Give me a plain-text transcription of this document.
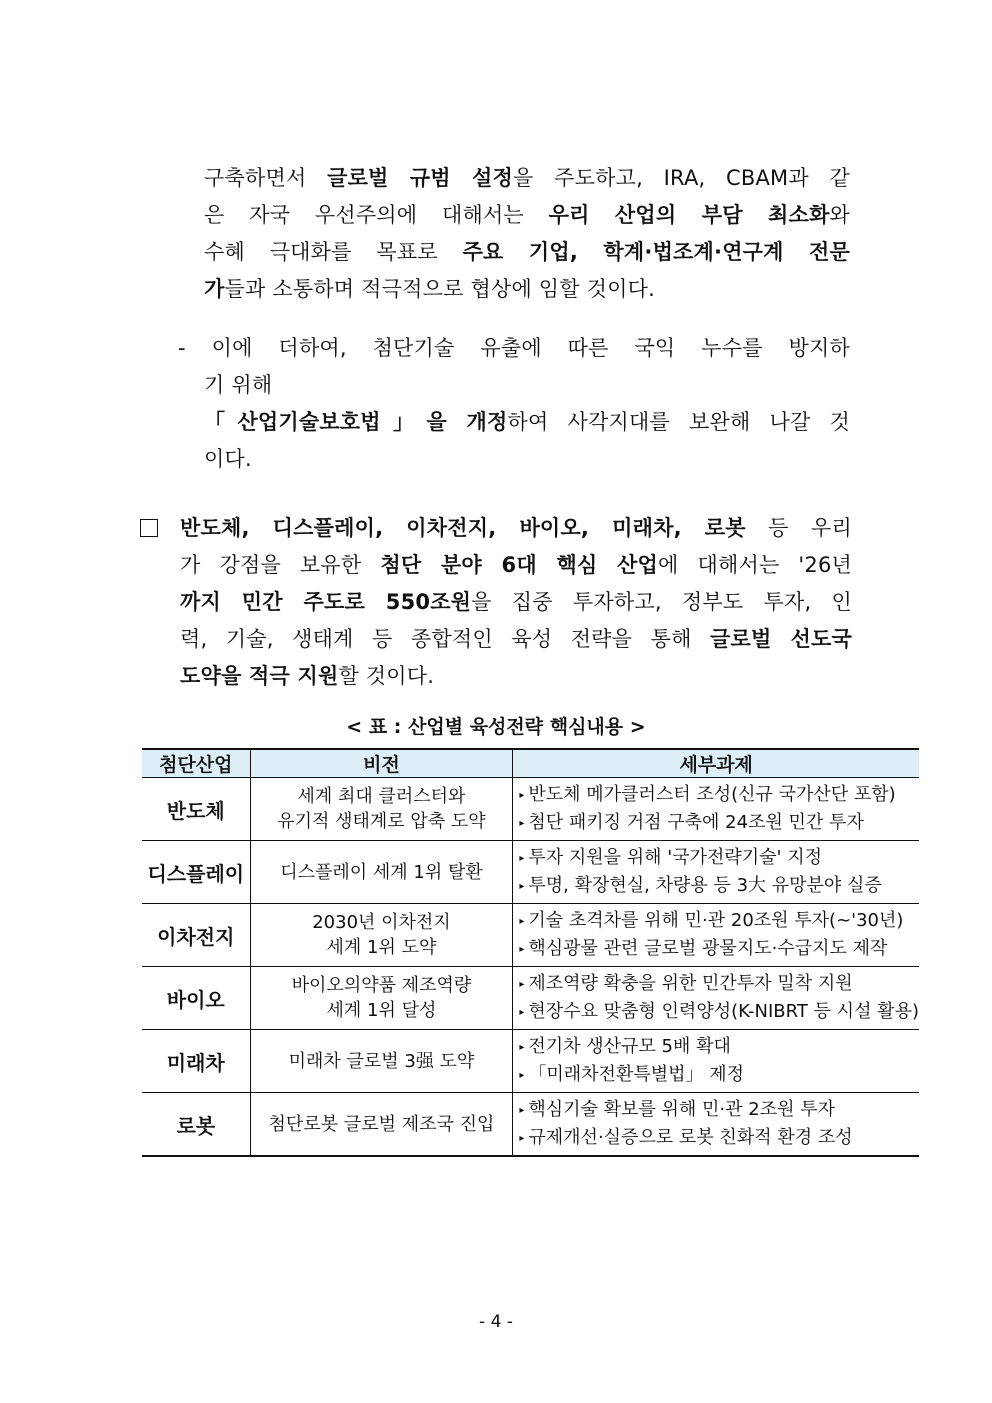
구축하면서 글로벌 규범 설정을 주도하고, IRA, CBAM과 같
은 자국 우선주의에 대해서는 우리 산업의 부담 최소화와
수혜 극대화를 목표로 주요 기업, 학계·법조계·연구계 전문
가들과 소통하며 적극적으로 협상에 임할 것이다.
- 이에 더하여, 첨단기술 유출에 따른 국익 누수를 방지하
기 위해
「산업기술보호법」을 개정하여 사각지대를 보완해 나갈 것
이다.
반도체, 디스플레이, 이차전지, 바이오, 미래차, 로봇 등 우리
가 강점을 보유한 첨단 분야 6대 핵심 산업에 대해서는 '26년
까지 민간 주도로 550조원을 집중 투자하고, 정부도 투자, 인
력, 기술, 생태계 등 종합적인 육성 전략을 통해 글로벌 선도국
도약을 적극 지원할 것이다.
< 표 : 산업별 육성전략 핵심내용 >
첨단산업	비전	세부과제
반도체	세계 최대 클러스터와
유기적 생태계로 압축 도약	▸ 반도체 메가클러스터 조성(신규 국가산단 포함)
▸ 첨단 패키징 거점 구축에 24조원 민간 투자

디스플레이	디스플레이 세계 1위 탈환	▸ 투자 지원을 위해 '국가전략기술' 지정
▸ 투명, 확장현실, 차량용 등 3大 유망분야 실증

이차전지	2030년 이차전지
세계 1위 도약	▸ 기술 초격차를 위해 민·관 20조원 투자(~'30년)
▸ 핵심광물 관련 글로벌 광물지도·수급지도 제작

바이오	바이오의약품 제조역량
세계 1위 달성	▸ 제조역량 확충을 위한 민간투자 밀착 지원
▸ 현장수요 맞춤형 인력양성(K-NIBRT 등 시설 활용)

미래차	미래차 글로벌 3强 도약	▸ 전기차 생산규모 5배 확대
▸ 「미래차전환특별법」 제정

로봇	첨단로봇 글로벌 제조국 진입	▸ 핵심기술 확보를 위해 민·관 2조원 투자
▸ 규제개선·실증으로 로봇 친화적 환경 조성
- 4 -
